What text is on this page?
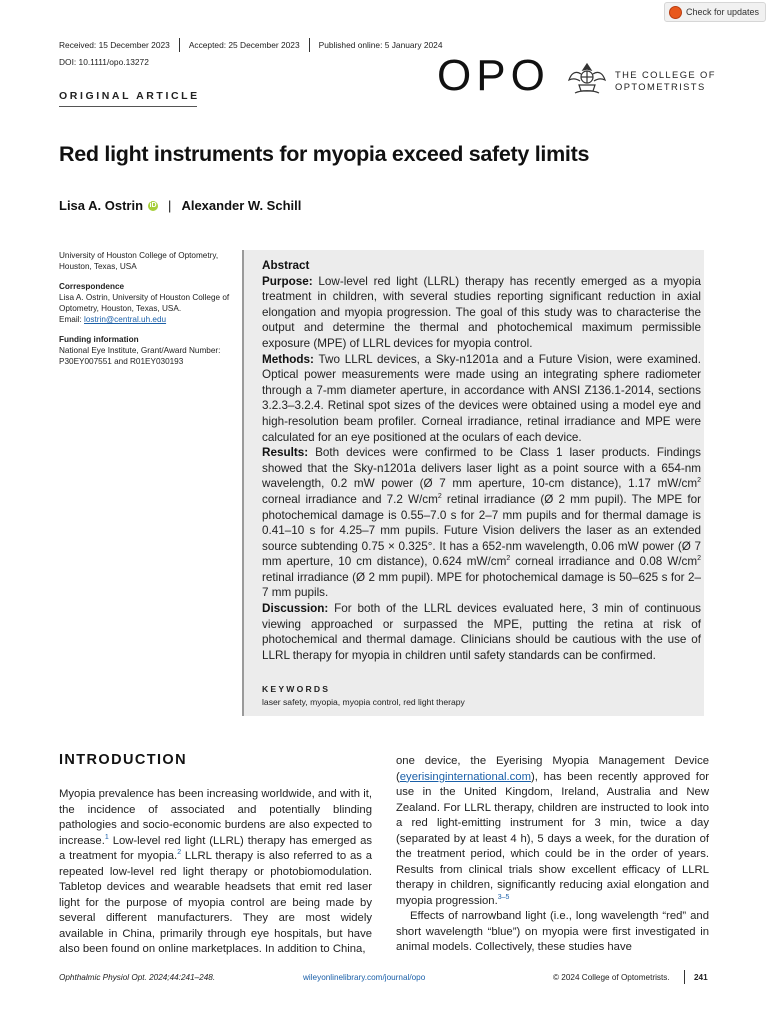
Check for updates
Received: 15 December 2023 Accepted: 25 December 2023 Published online: 5 January 2024
DOI: 10.1111/opo.13272
ORIGINAL ARTICLE	OPO	THE COLLEGE OF
OPTOMETRISTS
Red light instruments for myopia exceed safety limits
Lisa A. Ostrin iD | Alexander W. Schill
University of Houston College of Optometry, Houston, Texas, USA
Correspondence
Lisa A. Ostrin, University of Houston College of Optometry, Houston, Texas, USA.
Email: lostrin@central.uh.edu
Funding information
National Eye Institute, Grant/Award Number: P30EY007551 and R01EY030193

Abstract

Purpose: Low-level red light (LLRL) therapy has recently emerged as a myopia treatment in children, with several studies reporting significant reduction in axial elongation and myopia progression. The goal of this study was to characterise the output and determine the thermal and photochemical maximum permissible exposure (MPE) of LLRL devices for myopia control.

Methods: Two LLRL devices, a Sky-n1201a and a Future Vision, were examined. Optical power measurements were made using an integrating sphere radiometer through a 7-mm diameter aperture, in accordance with ANSI Z136.1-2014, sections 3.2.3–3.2.4. Retinal spot sizes of the devices were obtained using a model eye and high-resolution beam profiler. Corneal irradiance, retinal irradiance and MPE were calculated for an eye positioned at the oculars of each device.

Results: Both devices were confirmed to be Class 1 laser products. Findings showed that the Sky-n1201a delivers laser light as a point source with a 654-nm wavelength, 0.2 mW power (Ø 7 mm aperture, 10-cm distance), 1.17 $mW/cm^2$ corneal irradiance and 7.2 $W/cm^2$ retinal irradiance (Ø 2 mm pupil). The MPE for photochemical damage is 0.55–7.0 s for 2–7 mm pupils and for thermal damage is 0.41–10 s for 4.25–7 mm pupils. Future Vision delivers the laser as an extended source subtending 0.75 × 0.325°. It has a 652-nm wavelength, 0.06 mW power (Ø 7 mm aperture, 10 cm distance), 0.624 $mW/cm^2$ corneal irradiance and 0.08 $W/cm^2$ retinal irradiance (Ø 2 mm pupil). MPE for photochemical damage is 50–625 s for 2–7 mm pupils.

Discussion: For both of the LLRL devices evaluated here, 3 min of continuous viewing approached or surpassed the MPE, putting the retina at risk of photochemical and thermal damage. Clinicians should be cautious with the use of LLRL therapy for myopia in children until safety standards can be confirmed.

KEYWORDS
laser safety, myopia, myopia control, red light therapy
INTRODUCTION

Myopia prevalence has been increasing worldwide, and with it, the incidence of associated and potentially blinding pathologies and socio-economic burdens are also expected to increase.$^1$ Low-level red light (LLRL) therapy has emerged as a treatment for myopia.$^2$ LLRL therapy is also referred to as a repeated low-level red light therapy or photobiomodulation. Tabletop devices and wearable headsets that emit red laser light for the purpose of myopia control are being made by several different manufacturers. They are most widely available in China, primarily through eye hospitals, but have also been found on online marketplaces. In addition to China,

one device, the Eyerising Myopia Management Device (eyerisinginternational.com), has been recently approved for use in the United Kingdom, Ireland, Australia and New Zealand. For LLRL therapy, children are instructed to look into a red light-emitting instrument for 3 min, twice a day (separated by at least 4 h), 5 days a week, for the duration of the treatment period, which could be in the order of years. Results from clinical trials show excellent efficacy of LLRL therapy in children, significantly reducing axial elongation and myopia progression.$^{3-5}$

Effects of narrowband light (i.e., long wavelength “red” and short wavelength “blue”) on myopia were first investigated in animal models. Collectively, these studies have

Ophthalmic Physiol Opt. 2024;44:241–248.	wileyonlinelibrary.com/journal/opo	© 2024 College of Optometrists.	241
